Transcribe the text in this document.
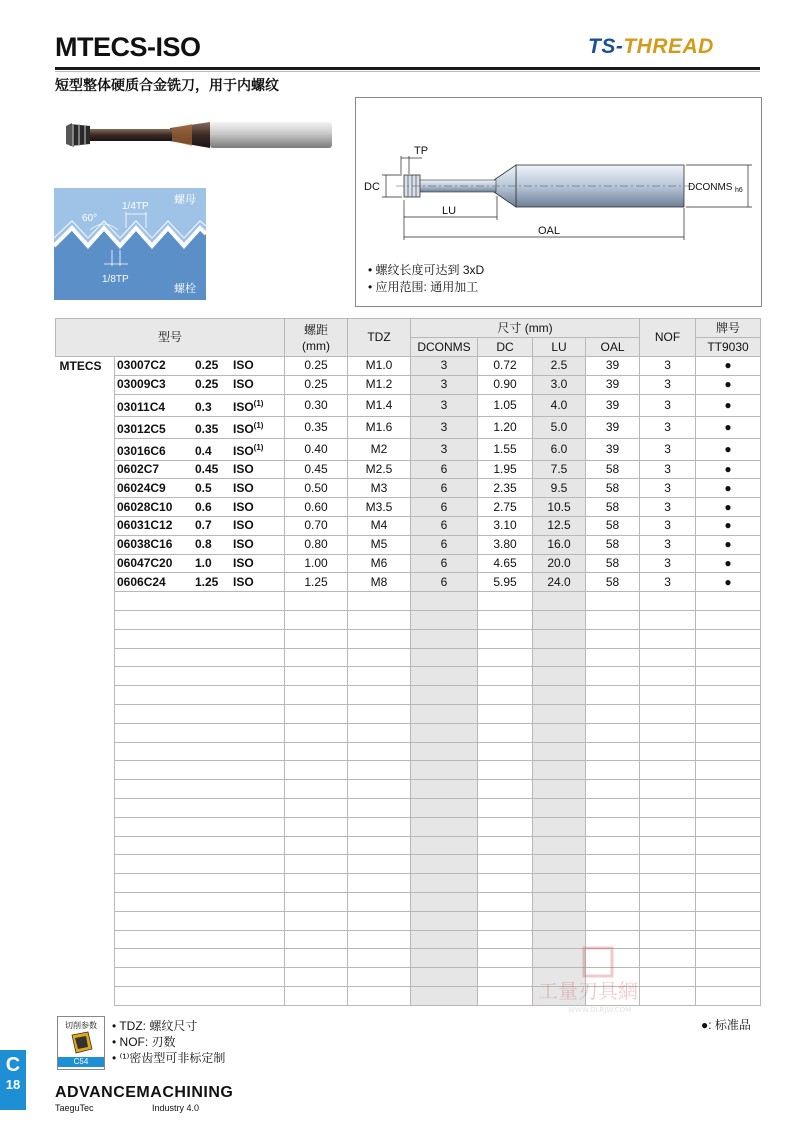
MTECS-ISO	TS-THREAD
短型整体硬质合金铣刀，用于内螺纹
螺母
螺栓
60°
1/4TP
1/8TP
TP
DC
LU
OAL
DCONMS h6
• 螺纹长度可达到 3xD
• 应用范围: 通用加工
型号		螺距
(mm)	TDZ	尺寸 (mm)				NOF	牌号
				DCONMS	DC	LU	OAL		TT9030
MTECS	03007C2 0.25 ISO	0.25	M1.0	3	0.72	2.5	39	3	●
	03009C3 0.25 ISO	0.25	M1.2	3	0.90	3.0	39	3	●
	03011C4 0.3 ISO$^{(1)}$	0.30	M1.4	3	1.05	4.0	39	3	●
	03012C5 0.35 ISO$^{(1)}$	0.35	M1.6	3	1.20	5.0	39	3	●
	03016C6 0.4 ISO$^{(1)}$	0.40	M2	3	1.55	6.0	39	3	●
	0602C7 0.45 ISO	0.45	M2.5	6	1.95	7.5	58	3	●
	06024C9 0.5 ISO	0.50	M3	6	2.35	9.5	58	3	●
	06028C10 0.6 ISO	0.60	M3.5	6	2.75	10.5	58	3	●
	06031C12 0.7 ISO	0.70	M4	6	3.10	12.5	58	3	●
	06038C16 0.8 ISO	0.80	M5	6	3.80	16.0	58	3	●
	06047C20 1.0 ISO	1.00	M6	6	4.65	20.0	58	3	●
	0606C24 1.25 ISO	1.25	M8	6	5.95	24.0	58	3	●

切削参数
C54
• TDZ: 螺纹尺寸
• NOF: 刃数
• ⁽¹⁾密齿型可非标定制
●: 标准品
C
18	ADVANCEMACHINING
TaeguTec	Industry 4.0
工量刃具網
WWW.GLRJW.COM
